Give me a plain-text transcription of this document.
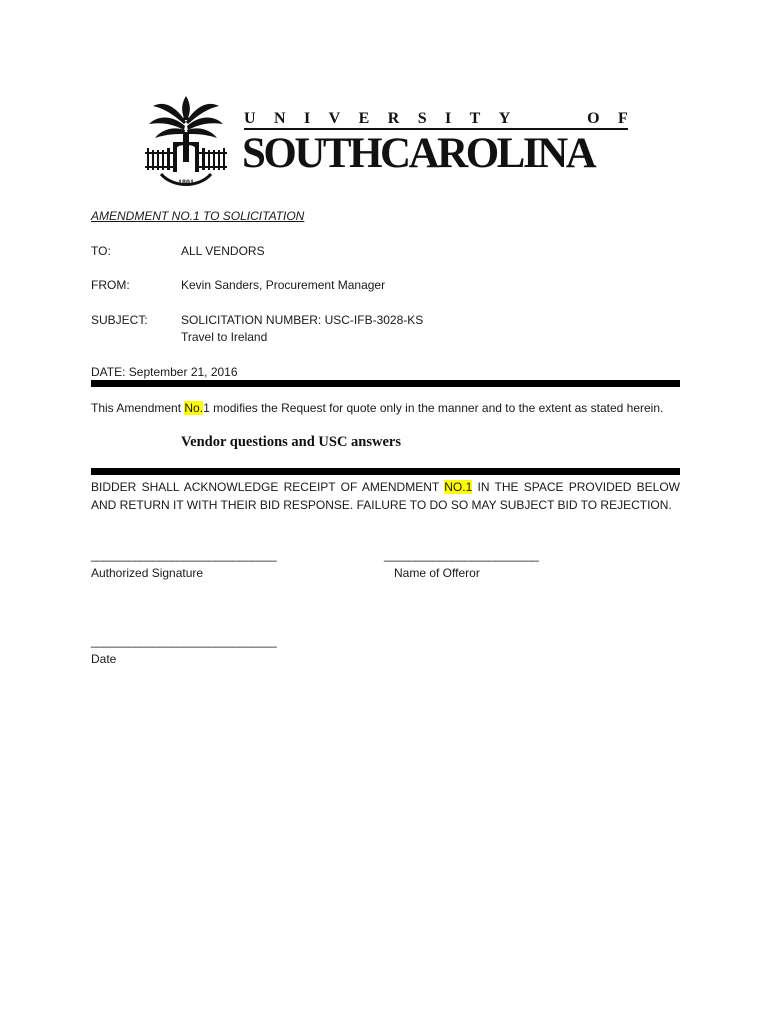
1801
U N I V E R S I T Y	O F
SOUTHCAROLINA
AMENDMENT NO.1 TO SOLICITATION
TO:	ALL VENDORS
FROM:	Kevin Sanders, Procurement Manager
SUBJECT:	SOLICITATION NUMBER: USC-IFB-3028-KS
Travel to Ireland
DATE: September 21, 2016
This Amendment No.1 modifies the Request for quote only in the manner and to the extent as stated herein.
Vendor questions and USC answers
BIDDER SHALL ACKNOWLEDGE RECEIPT OF AMENDMENT NO.1 IN THE SPACE PROVIDED BELOW AND RETURN IT WITH THEIR BID RESPONSE. FAILURE TO DO SO MAY SUBJECT BID TO REJECTION.
______________________________
Authorized Signature
_________________________
Name of Offeror
______________________________
Date
